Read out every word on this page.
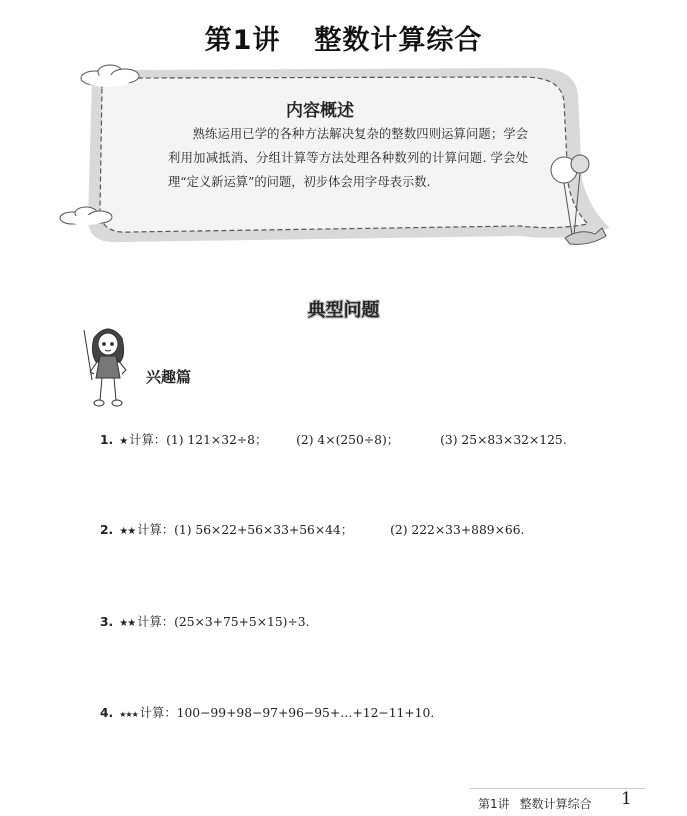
第1讲 整数计算综合
内容概述
熟练运用已学的各种方法解决复杂的整数四则运算问题；学会利用加减抵消、分组计算等方法处理各种数列的计算问题. 学会处理“定义新运算”的问题，初步体会用字母表示数.
典型问题
兴趣篇
1. ★ 计算： (1) 121×32÷8；	(2) 4×(250÷8)；	(3) 25×83×32×125.
2. ★★ 计算： (1) 56×22+56×33+56×44；	(2) 222×33+889×66.
3. ★★ 计算： (25×3+75+5×15)÷3.
4. ★★★ 计算： 100−99+98−97+96−95+…+12−11+10.
第1讲 整数计算综合 1
